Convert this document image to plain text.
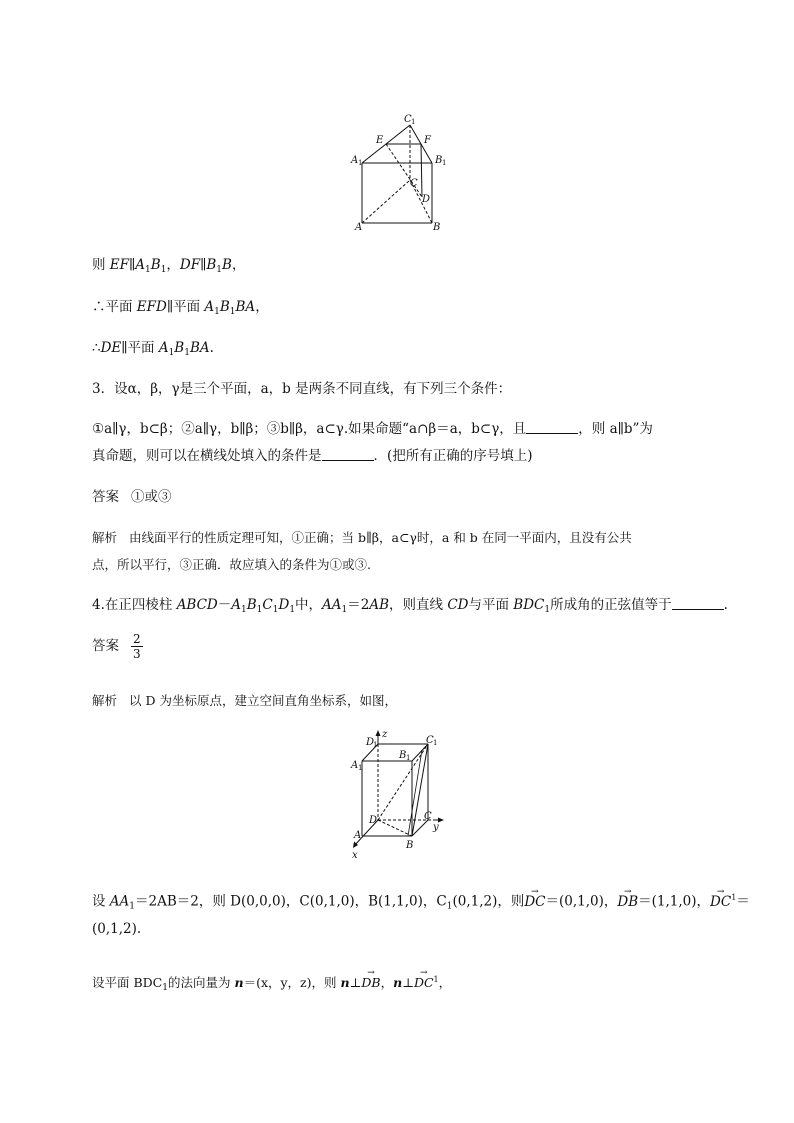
C 1
E	F
A 1	B 1
C
D
A	B
则 $EF\parallel A_1B_1$，$DF\parallel B_1B$，
∴平面 EFD∥平面 $A_1B_1BA$，
∴DE∥平面 $A_1B_1BA$.
3．设α，β，γ是三个平面，a，b 是两条不同直线，有下列三个条件：
①a∥γ，b⊂β；②a∥γ，b∥β；③b∥β，a⊂γ.如果命题“a∩β＝a，b⊂γ，且	，则 a∥b”为
真命题，则可以在横线处填入的条件是	．(把所有正确的序号填上)
答案 ①或③
解析 由线面平行的性质定理可知，①正确；当 b∥β，a⊂γ时，a 和 b 在同一平面内，且没有公共
点，所以平行，③正确．故应填入的条件为①或③.
4.在正四棱柱 $ABCD-A_1B_1C_1D_1$中，$AA_1=2AB$，则直线 CD与平面 $BDC_1$所成角的正弦值等于	.
答案 $\frac{2}{3}$
解析 以 D 为坐标原点，建立空间直角坐标系，如图，
D
1
z
B 1
C 1
A 1
D	C
y
A
B
x
设 $AA_1=2AB=2$，则 D(0,0,0)，C(0,1,0)，B(1,1,0)，$C_1(0,1,2)$，则→ DC＝(0,1,0)，→ DB＝(1,1,0)，→ $DC^1=$
(0,1,2).
设平面 $BDC_1$的法向量为 n＝(x，y，z)，则 n⊥→ DB，n⊥→ $DC^1$，
